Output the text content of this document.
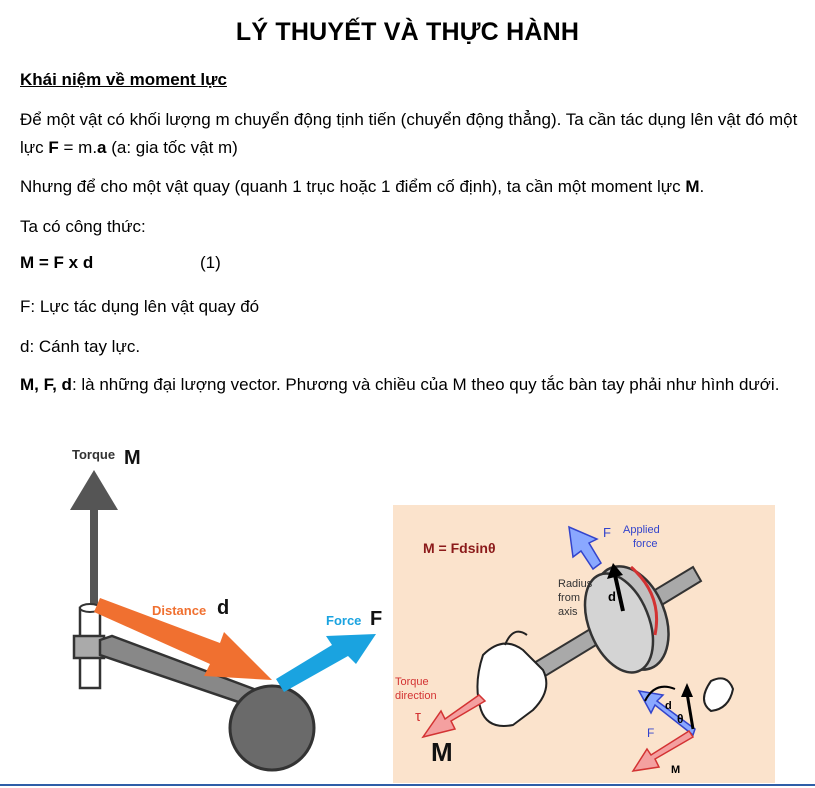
LÝ THUYẾT VÀ THỰC HÀNH
Khái niệm về moment lực
Để một vật có khối lượng m chuyển động tịnh tiến (chuyển động thẳng). Ta cần tác dụng lên vật đó một lực F = m.a (a: gia tốc vật m)
Nhưng để cho một vật quay (quanh 1 trục hoặc 1 điểm cố định), ta cần một moment lực M.
Ta có công thức:
M = F x d	(1)
F: Lực tác dụng lên vật quay đó
d: Cánh tay lực.
M, F, d: là những đại lượng vector. Phương và chiều của M theo quy tắc bàn tay phải như hình dưới.
Torque M
Distance d
Force F
M = Fdsinθ
d
Radius
from
axis
F Applied
force
Torque
direction
τ
M
d
θ
F
M
